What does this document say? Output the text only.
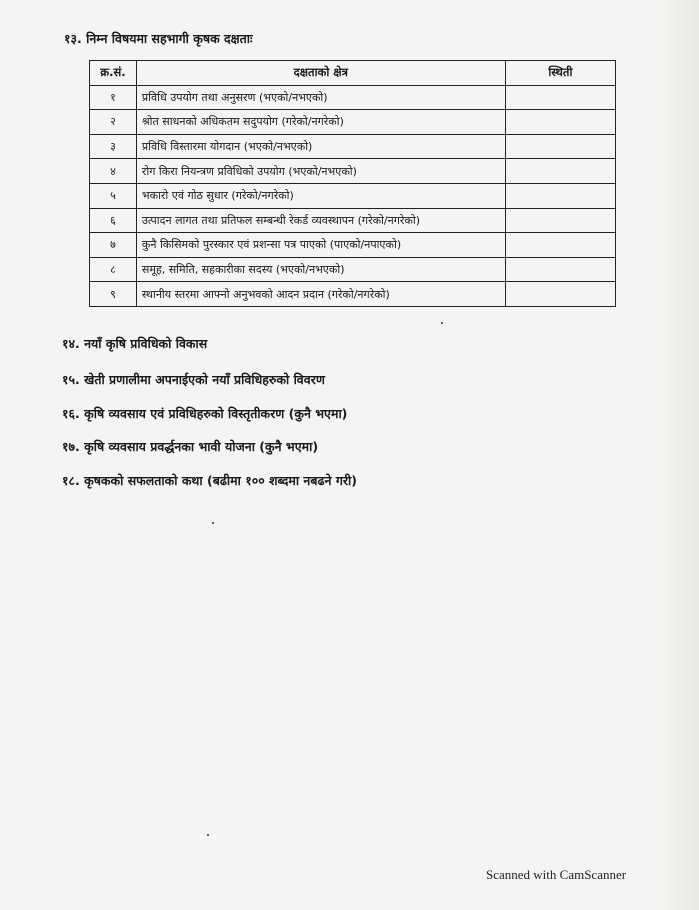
१३. निम्न विषयमा सहभागी कृषक दक्षताः
क्र.सं.	दक्षताको क्षेत्र	स्थिती
१	प्रविधि उपयोग तथा अनुसरण (भएको/नभएको)	
२	श्रोत साधनको अधिकतम सदुपयोग (गरेको/नगरेको)	
३	प्रविधि विस्तारमा योगदान (भएको/नभएको)	
४	रोग किरा नियन्त्रण प्रविधिको उपयोग (भएको/नभएको)	
५	भकारो एवं गोठ सुधार (गरेको/नगरेको)	
६	उत्पादन लागत तथा प्रतिफल सम्बन्धी रेकर्ड व्यवस्थापन (गरेको/नगरेको)	
७	कुनै किसिमको पुरस्कार एवं प्रशन्सा पत्र पाएको (पाएको/नपाएको)	
८	समूह, समिति, सहकारीका सदस्य (भएको/नभएको)	
९	स्थानीय स्तरमा आफ्नो अनुभवको आदन प्रदान (गरेको/नगरेको)	
१४. नयाँ कृषि प्रविधिको विकास
१५. खेती प्रणालीमा अपनाईएको नयाँ प्रविधिहरुको विवरण
१६. कृषि व्यवसाय एवं प्रविधिहरुको विस्तृतीकरण (कुनै भएमा)
१७. कृषि व्यवसाय प्रवर्द्धनका भावी योजना (कुनै भएमा)
१८. कृषकको सफलताको कथा (बढीमा १०० शब्दमा नबढने गरी)
Scanned with CamScanner
